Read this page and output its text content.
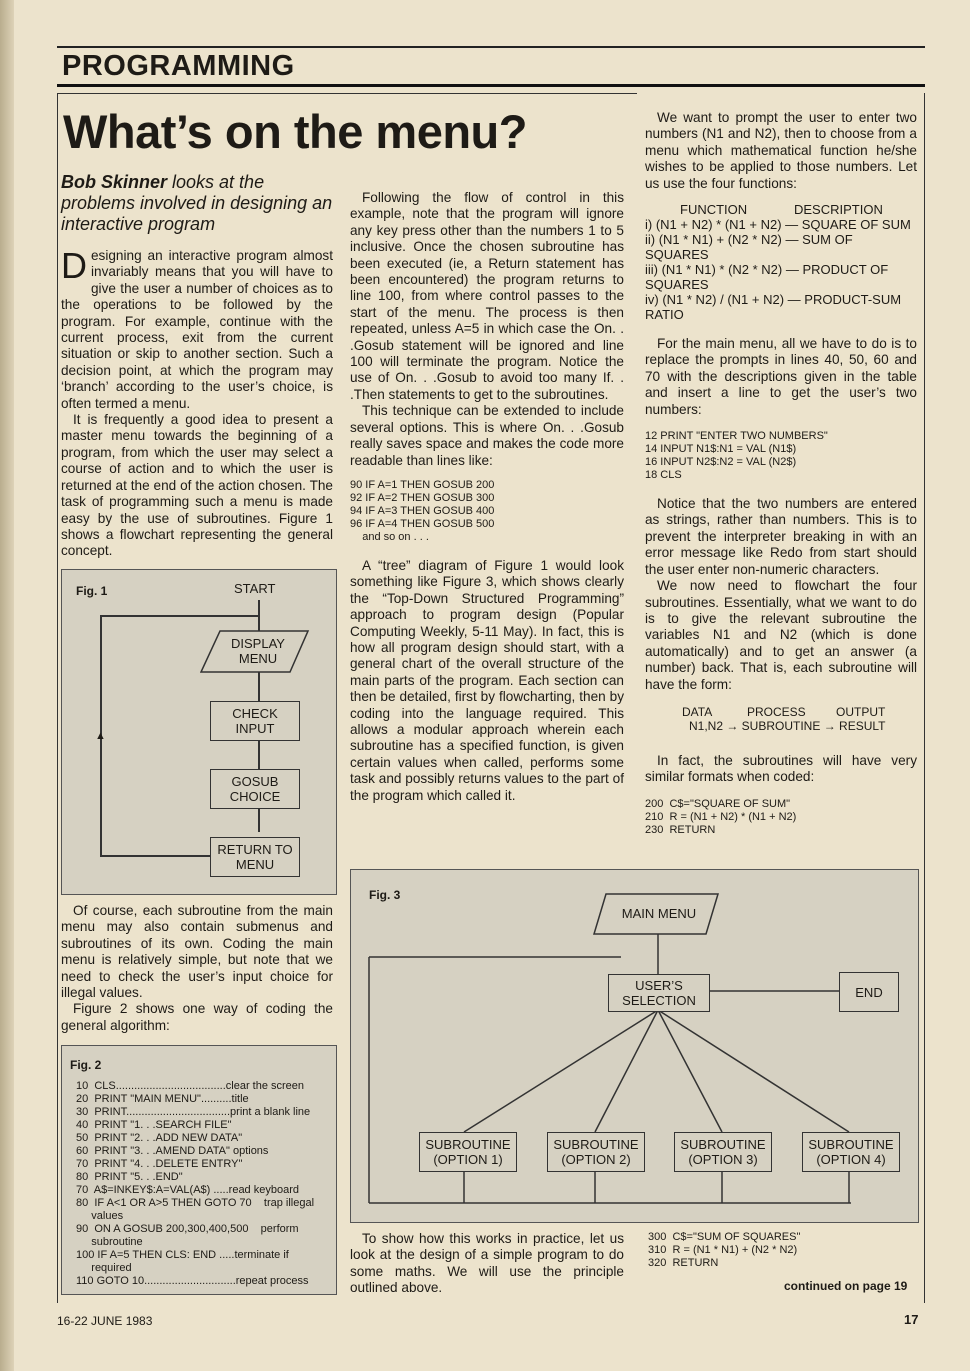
PROGRAMMING
What’s on the menu?
Bob Skinner looks at the problems involved in designing an interactive program

Designing an interactive program almost invariably means that you will have to give the user a number of choices as to the operations to be followed by the program. For example, continue with the current process, exit from the current situation or skip to another section. Such a decision point, at which the program may ‘branch’ according to the user’s choice, is often termed a menu.

It is frequently a good idea to present a master menu towards the beginning of a program, from which the user may select a course of action and to which the user is returned at the end of the action chosen. The task of programming such a menu is made easy by the use of subroutines. Figure 1 shows a flowchart representing the general concept.

Fig. 1	START
▲
DISPLAY MENU
CHECK INPUT
GOSUB CHOICE
RETURN TO MENU

Of course, each subroutine from the main menu may also contain submenus and subroutines of its own. Coding the main menu is relatively simple, but note that we need to check the user’s input choice for illegal values.

Figure 2 shows one way of coding the general algorithm:

Fig. 2
10  CLS....................................clear the screen
20  PRINT "MAIN MENU"..........title
30  PRINT..................................print a blank line
40  PRINT "1. . .SEARCH FILE"
50  PRINT "2. . .ADD NEW DATA"
60  PRINT "3. . .AMEND DATA" options
70  PRINT "4. . .DELETE ENTRY"
80  PRINT "5. . .END"
70  A$=INKEY$:A=VAL(A$) .....read keyboard
80  IF A<1 OR A>5 THEN GOTO 70    trap illegal
values
90  ON A GOSUB 200,300,400,500    perform
subroutine
100 IF A=5 THEN CLS: END .....terminate if
required
110 GOTO 10..............................repeat process

Following the flow of control in this example, note that the program will ignore any key press other than the numbers 1 to 5 inclusive. Once the chosen subroutine has been executed (ie, a Return statement has been encountered) the program returns to line 100, from where control passes to the start of the menu. The process is then repeated, unless A=5 in which case the On. . .Gosub statement will be ignored and line 100 will terminate the program. Notice the use of On. . .Gosub to avoid too many If. . .Then statements to get to the subroutines.

This technique can be extended to include several options. This is where On. . .Gosub really saves space and makes the code more readable than lines like:

90 IF A=1 THEN GOSUB 200
92 IF A=2 THEN GOSUB 300
94 IF A=3 THEN GOSUB 400
96 IF A=4 THEN GOSUB 500
and so on . . .

A “tree” diagram of Figure 1 would look something like Figure 3, which shows clearly the “Top-Down Structured Programming” approach to program design (Popular Computing Weekly, 5-11 May). In fact, this is how all program design should start, with a general chart of the overall structure of the main parts of the program. Each section can then be detailed, first by flowcharting, then by coding into the language required. This allows a modular approach wherein each subroutine has a specified function, is given certain values when called, performs some task and possibly returns values to the part of the program which called it.

We want to prompt the user to enter two numbers (N1 and N2), then to choose from a menu which mathematical function he/she wishes to be applied to those numbers. Let us use the four functions:

FUNCTION	DESCRIPTION
i) (N1 + N2) * (N1 + N2) — SQUARE OF SUM
ii) (N1 * N1) + (N2 * N2) — SUM OF SQUARES
iii) (N1 * N1) * (N2 * N2) — PRODUCT OF SQUARES
iv) (N1 * N2) / (N1 + N2) — PRODUCT-SUM RATIO

For the main menu, all we have to do is to replace the prompts in lines 40, 50, 60 and 70 with the descriptions given in the table and insert a line to get the user’s two numbers:

12 PRINT "ENTER TWO NUMBERS"
14 INPUT N1$:N1 = VAL (N1$)
16 INPUT N2$:N2 = VAL (N2$)
18 CLS

Notice that the two numbers are entered as strings, rather than numbers. This is to prevent the interpreter breaking in with an error message like Redo from start should the user enter non-numeric characters.

We now need to flowchart the four subroutines. Essentially, what we want to do is to give the relevant subroutine the variables N1 and N2 (which is done automatically) and to get an answer (a number) back. That is, each subroutine will have the form:

DATA	PROCESS	OUTPUT
N1,N2 → SUBROUTINE → RESULT

In fact, the subroutines will have very similar formats when coded:

200  C$="SQUARE OF SUM"
210  R = (N1 + N2) * (N1 + N2)
230  RETURN
Fig. 3
MAIN MENU
USER’S SELECTION
END
SUBROUTINE (OPTION 1)
SUBROUTINE (OPTION 2)
SUBROUTINE (OPTION 3)
SUBROUTINE (OPTION 4)

To show how this works in practice, let us look at the design of a simple program to do some maths. We will use the principle outlined above.

300  C$="SUM OF SQUARES"
310  R = (N1 * N1) + (N2 * N2)
320  RETURN
continued on page 19
16-22 JUNE 1983	17
